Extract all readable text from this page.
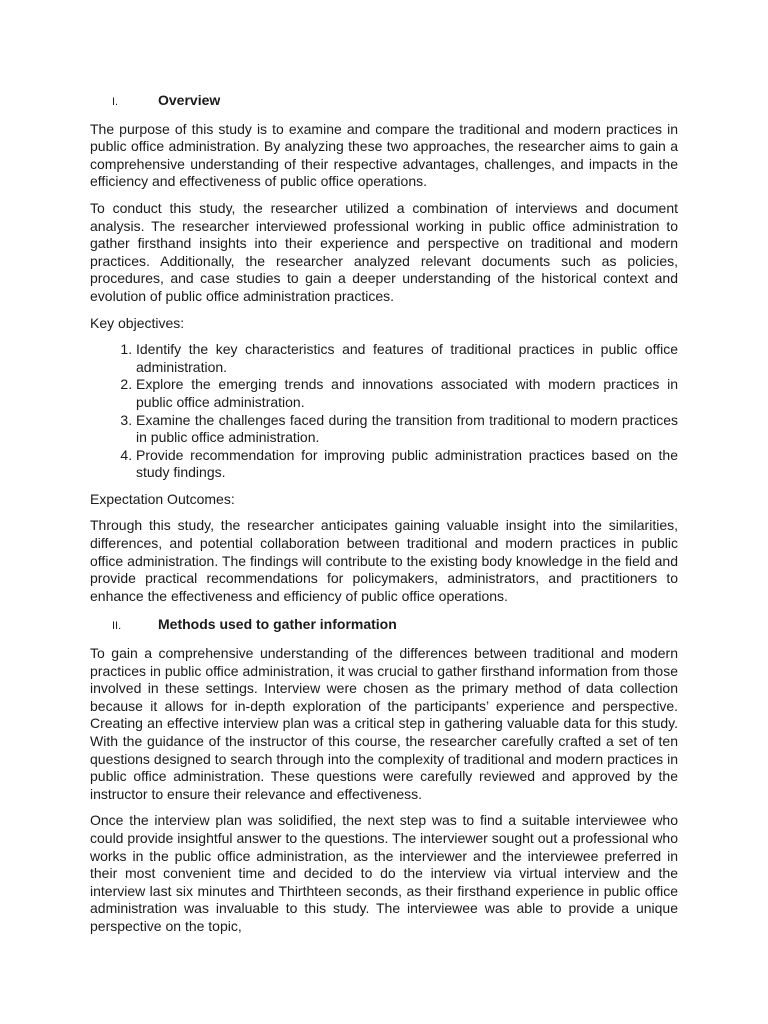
I.	Overview

The purpose of this study is to examine and compare the traditional and modern practices in public office administration. By analyzing these two approaches, the researcher aims to gain a comprehensive understanding of their respective advantages, challenges, and impacts in the efficiency and effectiveness of public office operations.

To conduct this study, the researcher utilized a combination of interviews and document analysis. The researcher interviewed professional working in public office administration to gather firsthand insights into their experience and perspective on traditional and modern practices. Additionally, the researcher analyzed relevant documents such as policies, procedures, and case studies to gain a deeper understanding of the historical context and evolution of public office administration practices.

Key objectives:

1. Identify the key characteristics and features of traditional practices in public office administration.
2. Explore the emerging trends and innovations associated with modern practices in public office administration.
3. Examine the challenges faced during the transition from traditional to modern practices in public office administration.
4. Provide recommendation for improving public administration practices based on the study findings.

Expectation Outcomes:

Through this study, the researcher anticipates gaining valuable insight into the similarities, differences, and potential collaboration between traditional and modern practices in public office administration. The findings will contribute to the existing body knowledge in the field and provide practical recommendations for policymakers, administrators, and practitioners to enhance the effectiveness and efficiency of public office operations.

II.	Methods used to gather information

To gain a comprehensive understanding of the differences between traditional and modern practices in public office administration, it was crucial to gather firsthand information from those involved in these settings. Interview were chosen as the primary method of data collection because it allows for in-depth exploration of the participants’ experience and perspective. Creating an effective interview plan was a critical step in gathering valuable data for this study. With the guidance of the instructor of this course, the researcher carefully crafted a set of ten questions designed to search through into the complexity of traditional and modern practices in public office administration. These questions were carefully reviewed and approved by the instructor to ensure their relevance and effectiveness.

Once the interview plan was solidified, the next step was to find a suitable interviewee who could provide insightful answer to the questions. The interviewer sought out a professional who works in the public office administration, as the interviewer and the interviewee preferred in their most convenient time and decided to do the interview via virtual interview and the interview last six minutes and Thirthteen seconds, as their firsthand experience in public office administration was invaluable to this study. The interviewee was able to provide a unique perspective on the topic,
